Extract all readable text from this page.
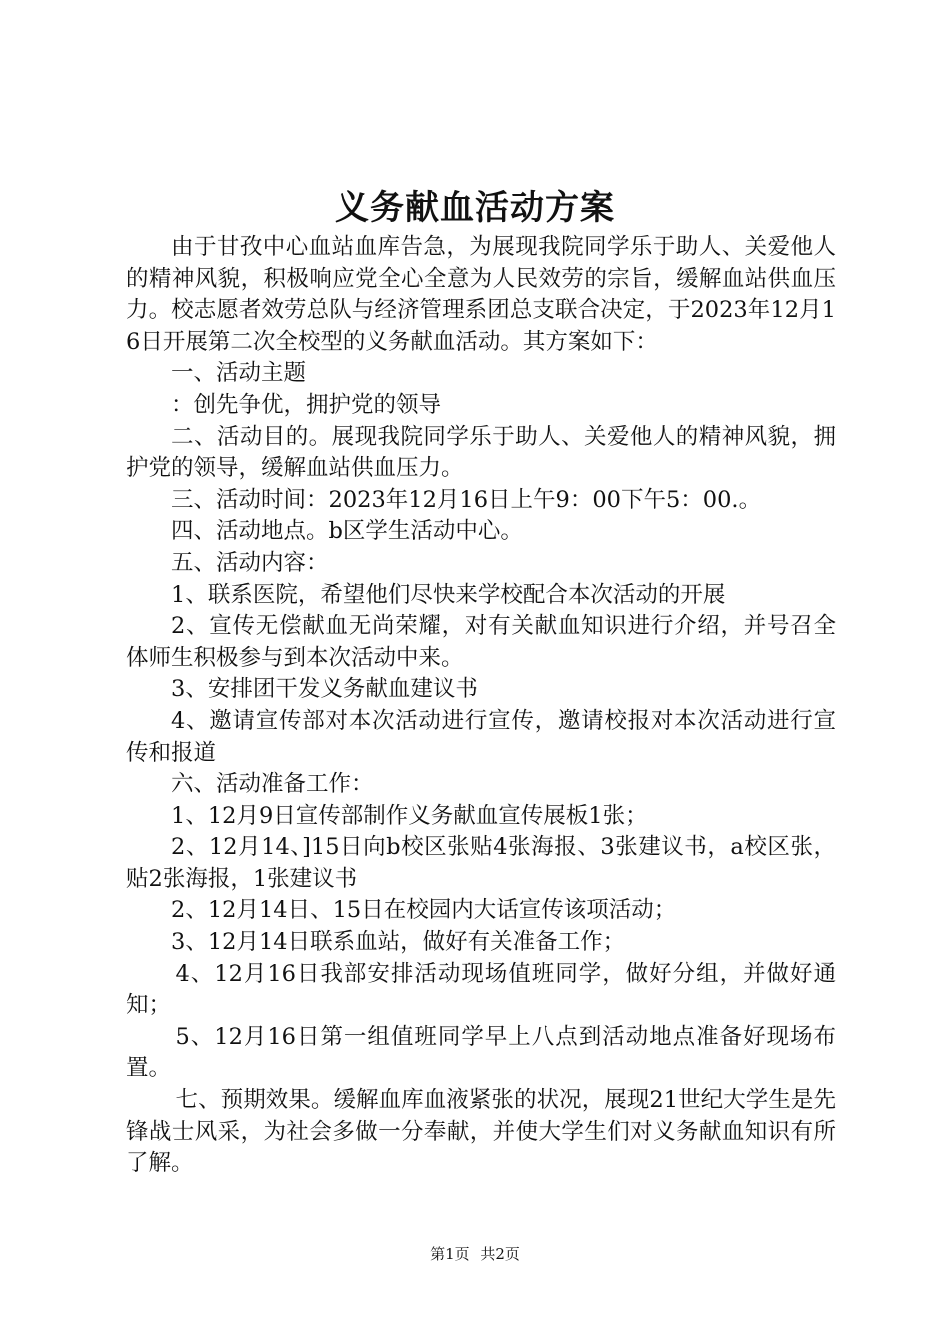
义务献血活动方案

由于甘孜中心血站血库告急，为展现我院同学乐于助人、关爱他人的精神风貌，积极响应党全心全意为人民效劳的宗旨，缓解血站供血压力。校志愿者效劳总队与经济管理系团总支联合决定，于2023年12月16日开展第二次全校型的义务献血活动。其方案如下：

一、活动主题

：创先争优，拥护党的领导

二、活动目的。展现我院同学乐于助人、关爱他人的精神风貌，拥护党的领导，缓解血站供血压力。

三、活动时间：2023年12月16日上午9：00下午5：00.。

四、活动地点。b区学生活动中心。

五、活动内容：

1、联系医院，希望他们尽快来学校配合本次活动的开展

2、宣传无偿献血无尚荣耀，对有关献血知识进行介绍，并号召全体师生积极参与到本次活动中来。

3、安排团干发义务献血建议书

4、邀请宣传部对本次活动进行宣传，邀请校报对本次活动进行宣传和报道

六、活动准备工作：

1、12月9日宣传部制作义务献血宣传展板1张；

2、12月14、]15日向b校区张贴4张海报、3张建议书，a校区张，贴2张海报，1张建议书

2、12月14日、15日在校园内大话宣传该项活动；

3、12月14日联系血站，做好有关准备工作；

4、12月16日我部安排活动现场值班同学，做好分组，并做好通知；

5、12月16日第一组值班同学早上八点到活动地点准备好现场布置。

七、预期效果。缓解血库血液紧张的状况，展现21世纪大学生是先锋战士风采，为社会多做一分奉献，并使大学生们对义务献血知识有所了解。

第1页 共2页
